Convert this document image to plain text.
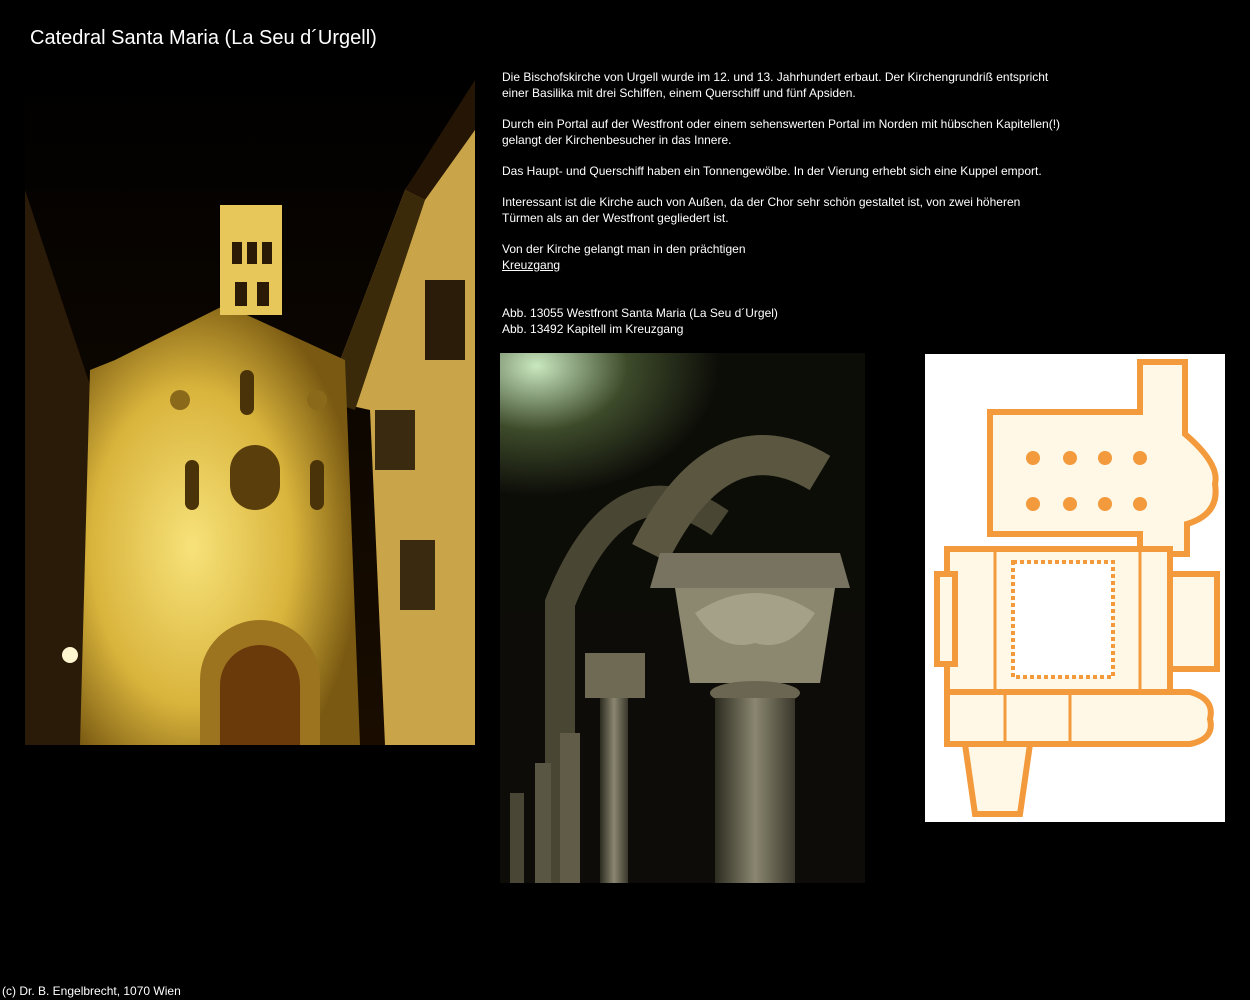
Catedral Santa Maria (La Seu d´Urgell)

Die Bischofskirche von Urgell wurde im 12. und 13. Jahrhundert erbaut. Der Kirchengrundriß entspricht einer Basilika mit drei Schiffen, einem Querschiff und fünf Apsiden.

Durch ein Portal auf der Westfront oder einem sehenswerten Portal im Norden mit hübschen Kapitellen(!) gelangt der Kirchenbesucher in das Innere.

Das Haupt- und Querschiff haben ein Tonnengewölbe. In der Vierung erhebt sich eine Kuppel emport.

Interessant ist die Kirche auch von Außen, da der Chor sehr schön gestaltet ist, von zwei höheren Türmen als an der Westfront gegliedert ist.

Von der Kirche gelangt man in den prächtigen
Kreuzgang

Abb. 13055 Westfront Santa Maria (La Seu d´Urgel)
Abb. 13492 Kapitell im Kreuzgang
(c) Dr. B. Engelbrecht, 1070 Wien
